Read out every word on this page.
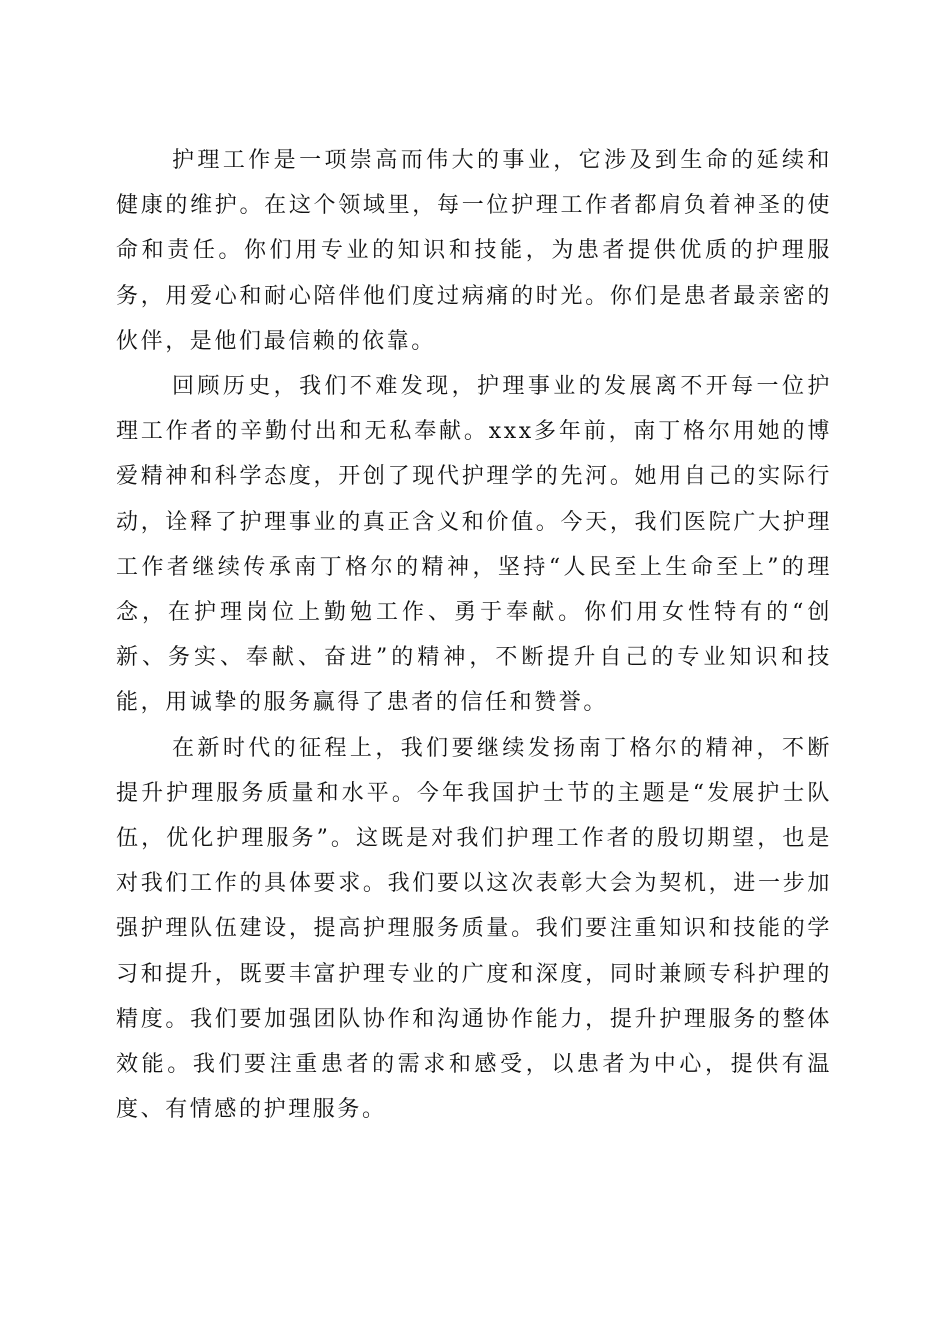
护理工作是一项崇高而伟大的事业，它涉及到生命的延续和健康的维护。在这个领域里，每一位护理工作者都肩负着神圣的使命和责任。你们用专业的知识和技能，为患者提供优质的护理服务，用爱心和耐心陪伴他们度过病痛的时光。你们是患者最亲密的伙伴，是他们最信赖的依靠。

回顾历史，我们不难发现，护理事业的发展离不开每一位护理工作者的辛勤付出和无私奉献。xxx多年前，南丁格尔用她的博爱精神和科学态度，开创了现代护理学的先河。她用自己的实际行动，诠释了护理事业的真正含义和价值。今天，我们医院广大护理工作者继续传承南丁格尔的精神，坚持“人民至上生命至上”的理念，在护理岗位上勤勉工作、勇于奉献。你们用女性特有的“创新、务实、奉献、奋进”的精神，不断提升自己的专业知识和技能，用诚挚的服务赢得了患者的信任和赞誉。

在新时代的征程上，我们要继续发扬南丁格尔的精神，不断提升护理服务质量和水平。今年我国护士节的主题是“发展护士队伍，优化护理服务”。这既是对我们护理工作者的殷切期望，也是对我们工作的具体要求。我们要以这次表彰大会为契机，进一步加强护理队伍建设，提高护理服务质量。我们要注重知识和技能的学习和提升，既要丰富护理专业的广度和深度，同时兼顾专科护理的精度。我们要加强团队协作和沟通协作能力，提升护理服务的整体效能。我们要注重患者的需求和感受，以患者为中心，提供有温度、有情感的护理服务。
